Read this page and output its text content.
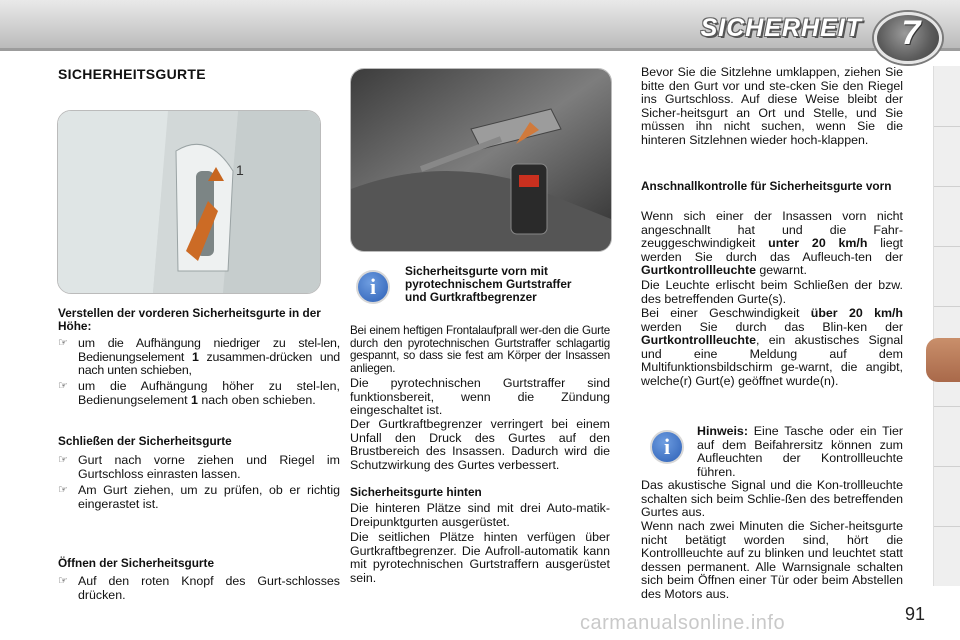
SICHERHEIT 7
SICHERHEITSGURTE
1
Verstellen der vorderen Sicherheitsgurte in der Höhe:
☞ um die Aufhängung niedriger zu stel-len, Bedienungselement 1 zusammen-drücken und nach unten schieben,
☞ um die Aufhängung höher zu stel-len, Bedienungselement 1 nach oben schieben.
Schließen der Sicherheitsgurte
☞ Gurt nach vorne ziehen und Riegel im Gurtschloss einrasten lassen.
☞ Am Gurt ziehen, um zu prüfen, ob er richtig eingerastet ist.
Öffnen der Sicherheitsgurte
☞ Auf den roten Knopf des Gurt-schlosses drücken.
i
Sicherheitsgurte vorn mit pyrotechnischem Gurtstraffer und Gurtkraftbegrenzer
Bei einem heftigen Frontalaufprall wer-den die Gurte durch den pyrotechnischen Gurtstraffer schlagartig gespannt, so dass sie fest am Körper der Insassen anliegen.
Die pyrotechnischen Gurtstraffer sind funktionsbereit, wenn die Zündung eingeschaltet ist.
Der Gurtkraftbegrenzer verringert bei einem Unfall den Druck des Gurtes auf den Brustbereich des Insassen. Dadurch wird die Schutzwirkung des Gurtes verbessert.
Sicherheitsgurte hinten
Die hinteren Plätze sind mit drei Auto-matik-Dreipunktgurten ausgerüstet.
Die seitlichen Plätze hinten verfügen über Gurtkraftbegrenzer. Die Aufroll-automatik kann mit pyrotechnischen Gurtstraffern ausgerüstet sein.
Bevor Sie die Sitzlehne umklappen, ziehen Sie bitte den Gurt vor und ste-cken Sie den Riegel ins Gurtschloss. Auf diese Weise bleibt der Sicher-heitsgurt an Ort und Stelle, und Sie müssen ihn nicht suchen, wenn Sie die hinteren Sitzlehnen wieder hoch-klappen.
Anschnallkontrolle für Sicherheitsgurte vorn
Wenn sich einer der Insassen vorn nicht angeschnallt hat und die Fahr-zeuggeschwindigkeit unter 20 km/h liegt werden Sie durch das Aufleuch-ten der Gurtkontrollleuchte gewarnt.
Die Leuchte erlischt beim Schließen der bzw. des betreffenden Gurte(s).
Bei einer Geschwindigkeit über 20 km/h werden Sie durch das Blin-ken der Gurtkontrollleuchte, ein akustisches Signal und eine Meldung auf dem Multifunktionsbildschirm ge-warnt, die angibt, welche(r) Gurt(e) geöffnet wurde(n).
i
Hinweis: Eine Tasche oder ein Tier auf dem Beifahrersitz können zum Aufleuchten der Kontrollleuchte führen.
Das akustische Signal und die Kon-trollleuchte schalten sich beim Schlie-ßen des betreffenden Gurtes aus.
Wenn nach zwei Minuten die Sicher-heitsgurte nicht betätigt worden sind, hört die Kontrollleuchte auf zu blinken und leuchtet statt dessen permanent. Alle Warnsignale schalten sich beim Öffnen einer Tür oder beim Abstellen des Motors aus.
carmanualsonline.info	91
